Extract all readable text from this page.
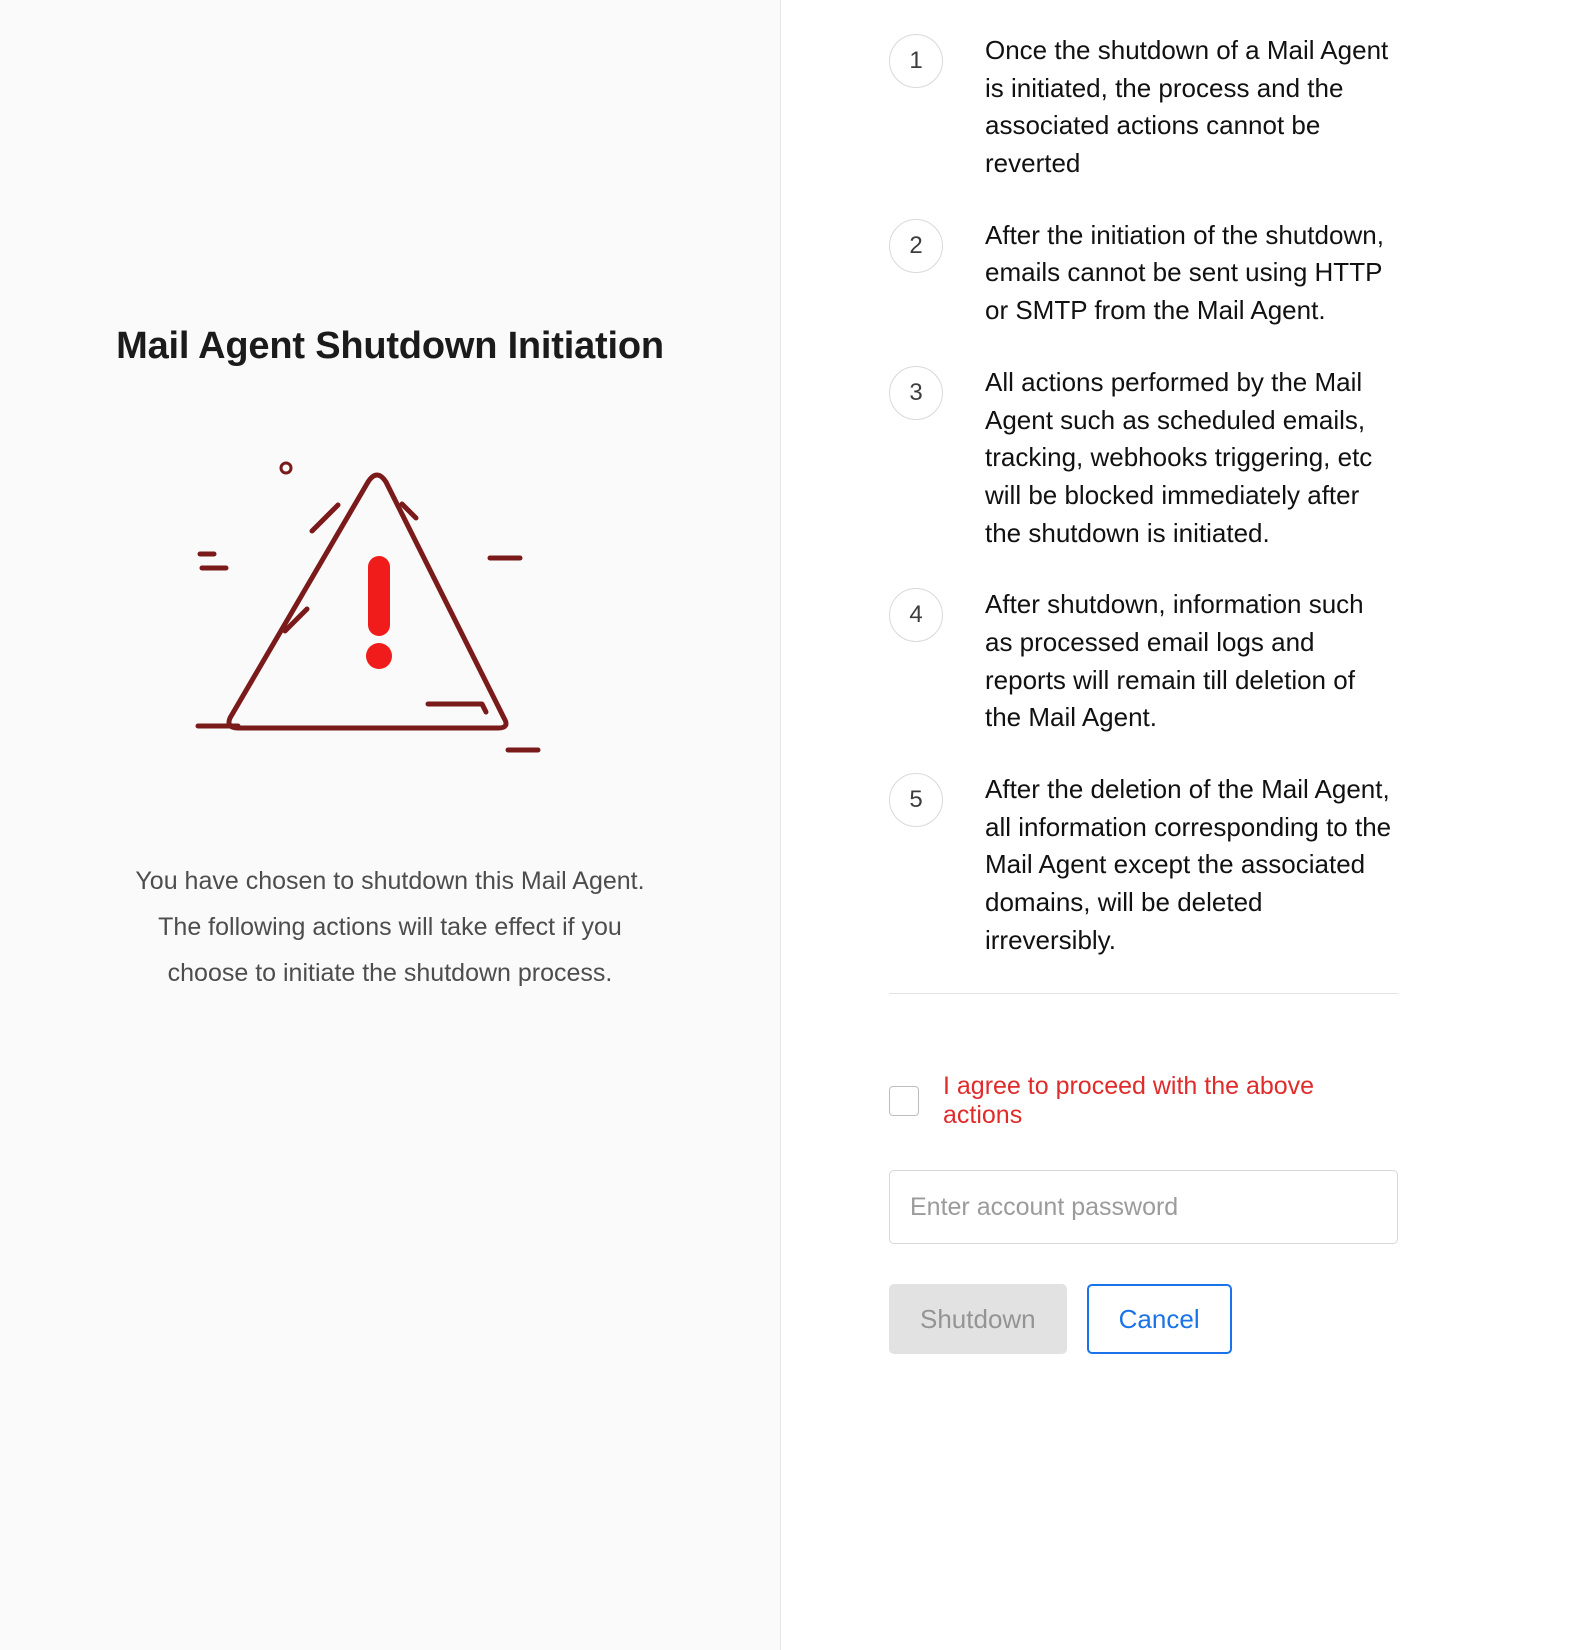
Mail Agent Shutdown Initiation
You have chosen to shutdown this Mail Agent. The following actions will take effect if you choose to initiate the shutdown process.
1	Once the shutdown of a Mail Agent is initiated, the process and the associated actions cannot be reverted
2	After the initiation of the shutdown, emails cannot be sent using HTTP or SMTP from the Mail Agent.
3	All actions performed by the Mail Agent such as scheduled emails, tracking, webhooks triggering, etc will be blocked immediately after the shutdown is initiated.
4	After shutdown, information such as processed email logs and reports will remain till deletion of the Mail Agent.
5	After the deletion of the Mail Agent, all information corresponding to the Mail Agent except the associated domains, will be deleted irreversibly.
I agree to proceed with the above actions
Shutdown	Cancel
